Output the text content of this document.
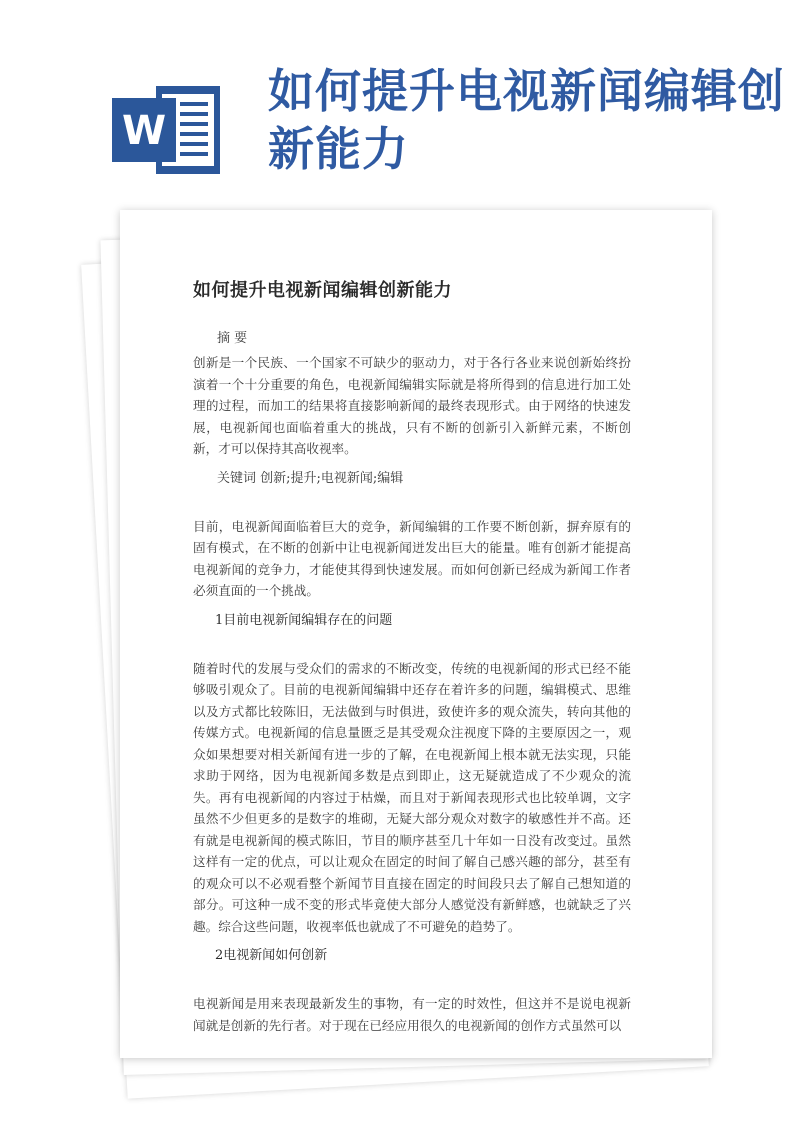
W
如何提升电视新闻编辑创新能力
如何提升电视新闻编辑创新能力

摘 要

创新是一个民族、一个国家不可缺少的驱动力，对于各行各业来说创新始终扮演着一个十分重要的角色，电视新闻编辑实际就是将所得到的信息进行加工处理的过程，而加工的结果将直接影响新闻的最终表现形式。由于网络的快速发展，电视新闻也面临着重大的挑战，只有不断的创新引入新鲜元素，不断创新，才可以保持其高收视率。

关键词 创新;提升;电视新闻;编辑

目前，电视新闻面临着巨大的竞争，新闻编辑的工作要不断创新，摒弃原有的固有模式，在不断的创新中让电视新闻迸发出巨大的能量。唯有创新才能提高电视新闻的竞争力，才能使其得到快速发展。而如何创新已经成为新闻工作者必须直面的一个挑战。

1目前电视新闻编辑存在的问题

随着时代的发展与受众们的需求的不断改变，传统的电视新闻的形式已经不能够吸引观众了。目前的电视新闻编辑中还存在着许多的问题，编辑模式、思维以及方式都比较陈旧，无法做到与时俱进，致使许多的观众流失，转向其他的传媒方式。电视新闻的信息量匮乏是其受观众注视度下降的主要原因之一，观众如果想要对相关新闻有进一步的了解，在电视新闻上根本就无法实现，只能求助于网络，因为电视新闻多数是点到即止，这无疑就造成了不少观众的流失。再有电视新闻的内容过于枯燥，而且对于新闻表现形式也比较单调，文字虽然不少但更多的是数字的堆砌，无疑大部分观众对数字的敏感性并不高。还有就是电视新闻的模式陈旧，节目的顺序甚至几十年如一日没有改变过。虽然这样有一定的优点，可以让观众在固定的时间了解自己感兴趣的部分，甚至有的观众可以不必观看整个新闻节目直接在固定的时间段只去了解自己想知道的部分。可这种一成不变的形式毕竟使大部分人感觉没有新鲜感，也就缺乏了兴趣。综合这些问题，收视率低也就成了不可避免的趋势了。

2电视新闻如何创新

电视新闻是用来表现最新发生的事物，有一定的时效性，但这并不是说电视新闻就是创新的先行者。对于现在已经应用很久的电视新闻的创作方式虽然可以
